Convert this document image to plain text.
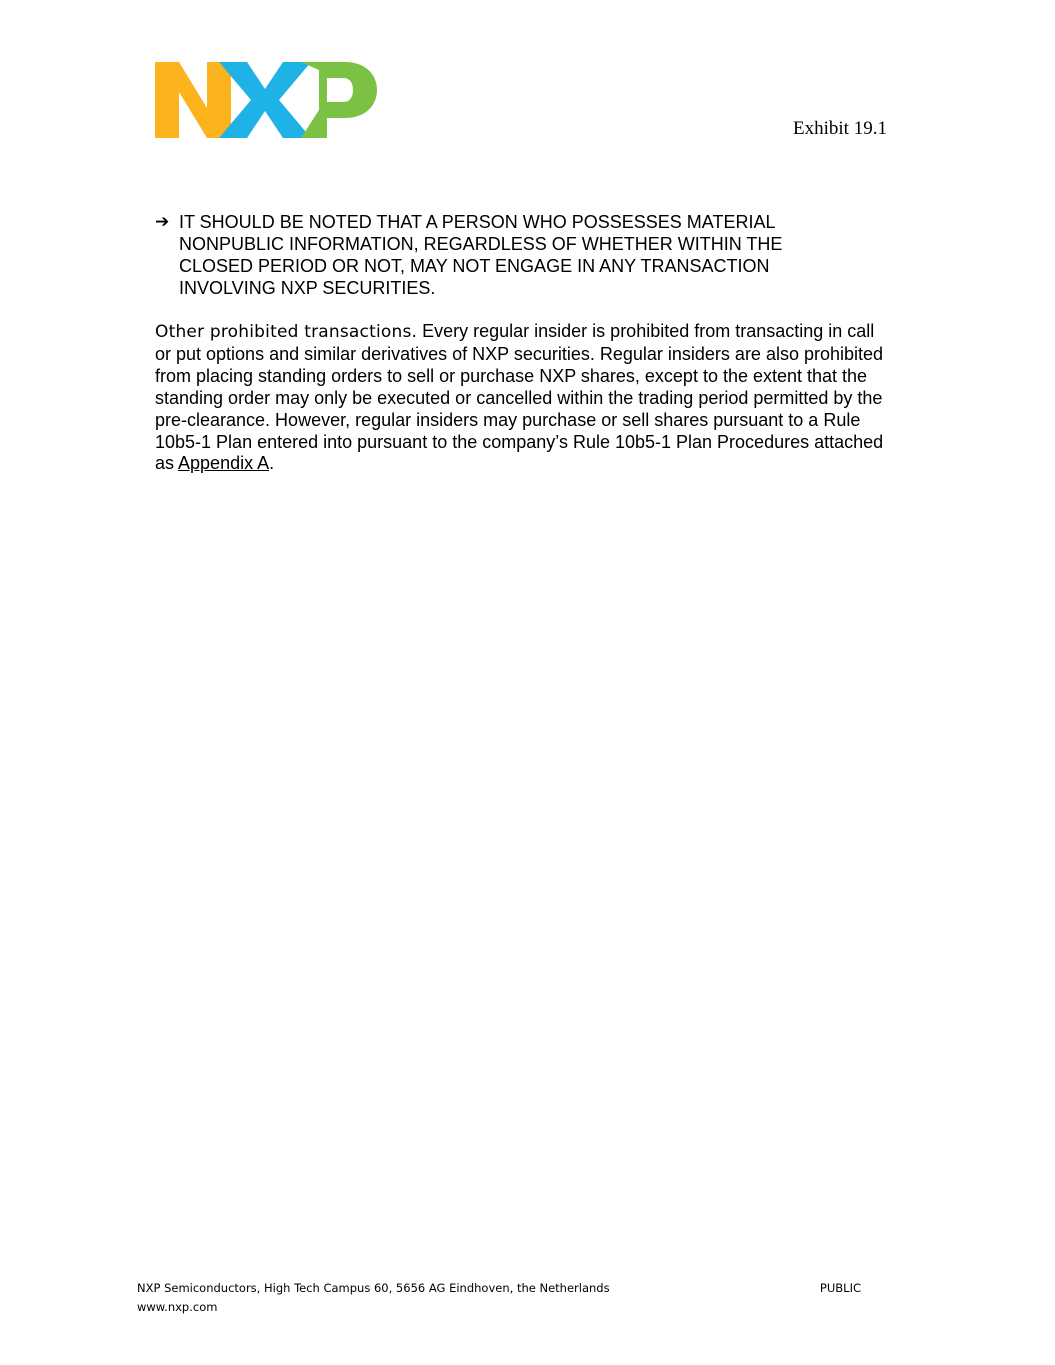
Exhibit 19.1
➔ IT SHOULD BE NOTED THAT A PERSON WHO POSSESSES MATERIAL NONPUBLIC INFORMATION, REGARDLESS OF WHETHER WITHIN THE CLOSED PERIOD OR NOT, MAY NOT ENGAGE IN ANY TRANSACTION INVOLVING NXP SECURITIES.
Other prohibited transactions. Every regular insider is prohibited from transacting in call or put options and similar derivatives of NXP securities. Regular insiders are also prohibited from placing standing orders to sell or purchase NXP shares, except to the extent that the standing order may only be executed or cancelled within the trading period permitted by the pre-clearance. However, regular insiders may purchase or sell shares pursuant to a Rule 10b5-1 Plan entered into pursuant to the company’s Rule 10b5-1 Plan Procedures attached as Appendix A.
NXP Semiconductors, High Tech Campus 60, 5656 AG Eindhoven, the Netherlands	PUBLIC
www.nxp.com
